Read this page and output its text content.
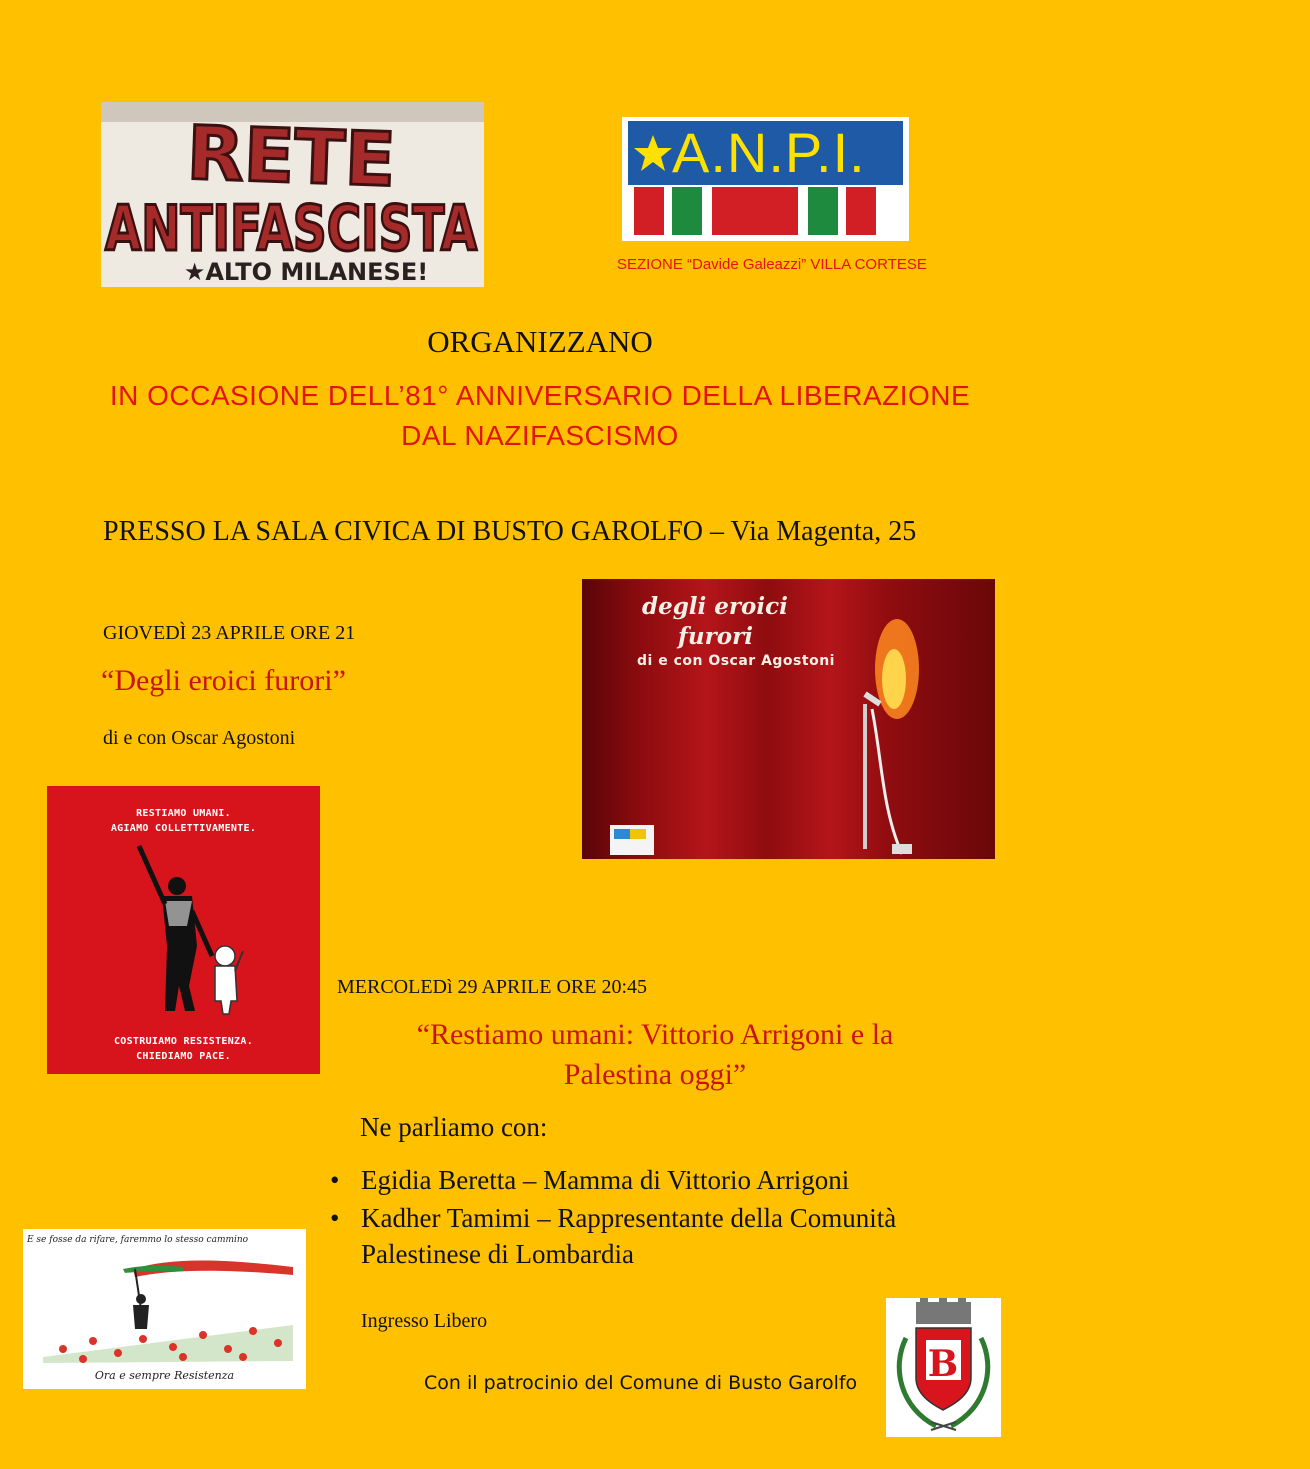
RETE
ANTIFASCISTA
★ALTO MILANESE!
A.N.P.I.
SEZIONE “Davide Galeazzi” VILLA CORTESE
ORGANIZZANO
IN OCCASIONE DELL’81° ANNIVERSARIO DELLA LIBERAZIONE
DAL NAZIFASCISMO
PRESSO LA SALA CIVICA DI BUSTO GAROLFO – Via Magenta, 25
GIOVEDÌ 23 APRILE ORE 21
“Degli eroici furori”
di e con Oscar Agostoni
degli eroici
furori
di e con Oscar Agostoni
RESTIAMO UMANI.
AGIAMO COLLETTIVAMENTE.
COSTRUIAMO RESISTENZA.
CHIEDIAMO PACE.
MERCOLEDì 29 APRILE ORE 20:45
“Restiamo umani: Vittorio Arrigoni e la
Palestina oggi”
Ne parliamo con:
• Egidia Beretta – Mamma di Vittorio Arrigoni
• Kadher Tamimi – Rappresentante della Comunità
Palestinese di Lombardia
E se fosse da rifare, faremmo lo stesso cammino
Ora e sempre Resistenza
Ingresso Libero
Con il patrocinio del Comune di Busto Garolfo B
